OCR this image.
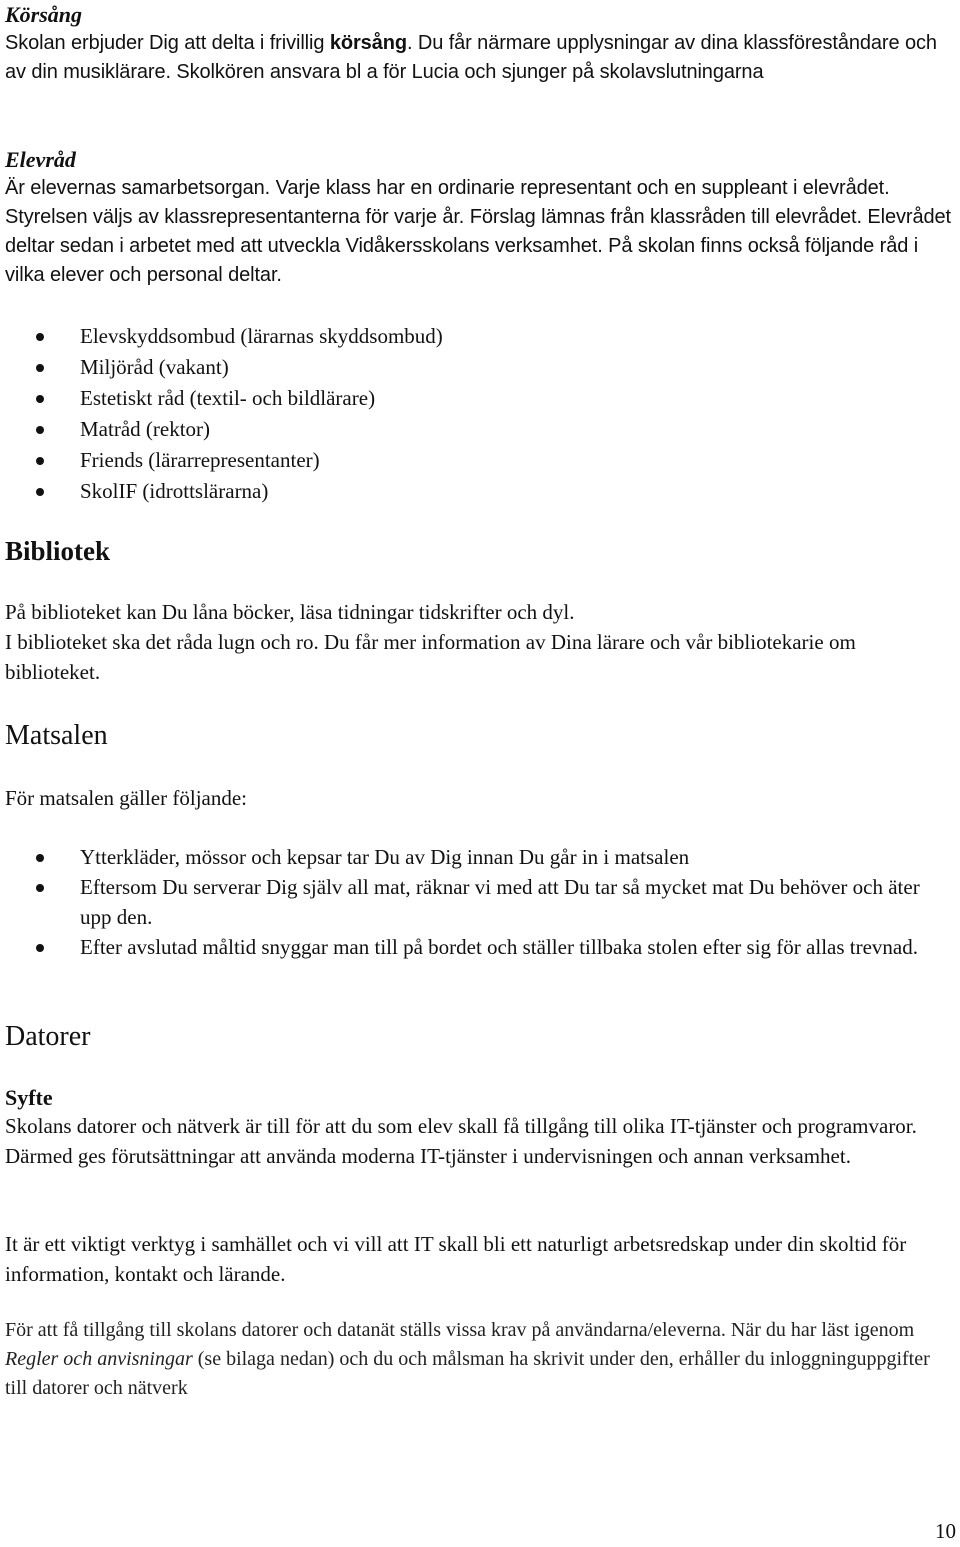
Körsång

Skolan erbjuder Dig att delta i frivillig körsång. Du får närmare upplysningar av dina klassföreståndare och av din musiklärare. Skolkören ansvara bl a för Lucia och sjunger på skolavslutningarna

Elevråd

Är elevernas samarbetsorgan. Varje klass har en ordinarie representant och en suppleant i elevrådet. Styrelsen väljs av klassrepresentanterna för varje år. Förslag lämnas från klassråden till elevrådet. Elevrådet deltar sedan i arbetet med att utveckla Vidåkersskolans verksamhet. På skolan finns också följande råd i vilka elever och personal deltar.

Elevskyddsombud (lärarnas skyddsombud)
Miljöråd (vakant)
Estetiskt råd (textil- och bildlärare)
Matråd (rektor)
Friends (lärarrepresentanter)
SkolIF (idrottslärarna)
Bibliotek

På biblioteket kan Du låna böcker, läsa tidningar tidskrifter och dyl.

I biblioteket ska det råda lugn och ro. Du får mer information av Dina lärare och vår bibliotekarie om biblioteket.

Matsalen

För matsalen gäller följande:

Ytterkläder, mössor och kepsar tar Du av Dig innan Du går in i matsalen
Eftersom Du serverar Dig själv all mat, räknar vi med att Du tar så mycket mat Du behöver och äter upp den.
Efter avslutad måltid snyggar man till på bordet och ställer tillbaka stolen efter sig för allas trevnad.
Datorer
Syfte

Skolans datorer och nätverk är till för att du som elev skall få tillgång till olika IT-tjänster och programvaror. Därmed ges förutsättningar att använda moderna IT-tjänster i undervisningen och annan verksamhet.

It är ett viktigt verktyg i samhället och vi vill att IT skall bli ett naturligt arbetsredskap under din skoltid för information, kontakt och lärande.

För att få tillgång till skolans datorer och datanät ställs vissa krav på användarna/eleverna. När du har läst igenom Regler och anvisningar (se bilaga nedan) och du och målsman ha skrivit under den, erhåller du inloggninguppgifter till datorer och nätverk

10
